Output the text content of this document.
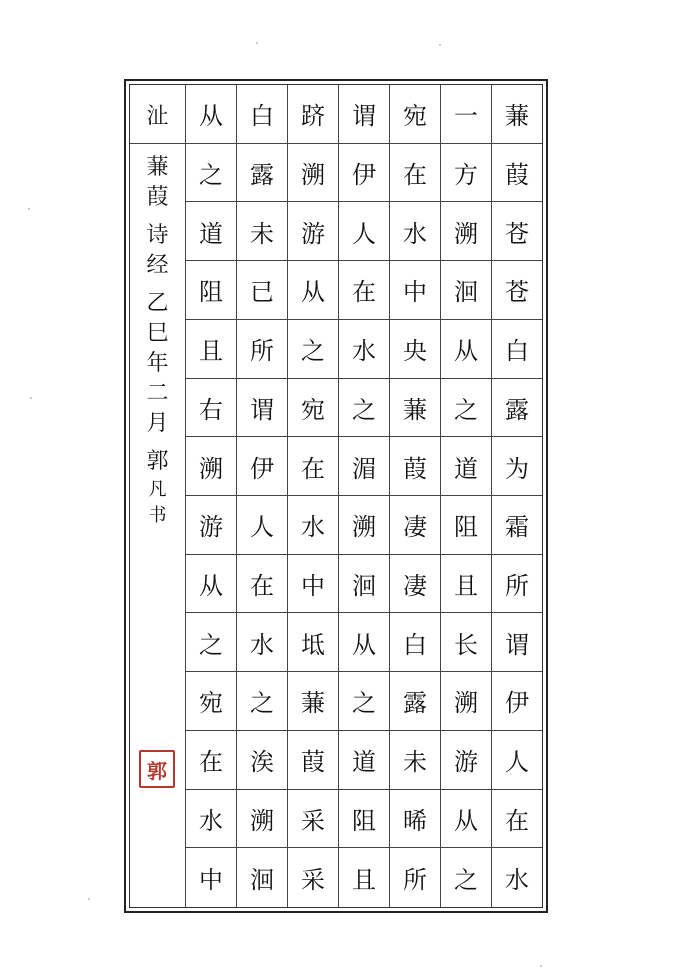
沚
蒹
葭
诗
经
乙
巳
年
二
月
郭
凡
书
郭
从	白	跻	谓	宛	一	蒹
之	露	溯	伊	在	方	葭
道	未	游	人	水	溯	苍
阻	已	从	在	中	洄	苍
且	所	之	水	央	从	白
右	谓	宛	之	蒹	之	露
溯	伊	在	湄	葭	道	为
游	人	水	溯	凄	阻	霜
从	在	中	洄	凄	且	所
之	水	坻	从	白	长	谓
宛	之	蒹	之	露	溯	伊
在	涘	葭	道	未	游	人
水	溯	采	阻	晞	从	在
中	洄	采	且	所	之	水
